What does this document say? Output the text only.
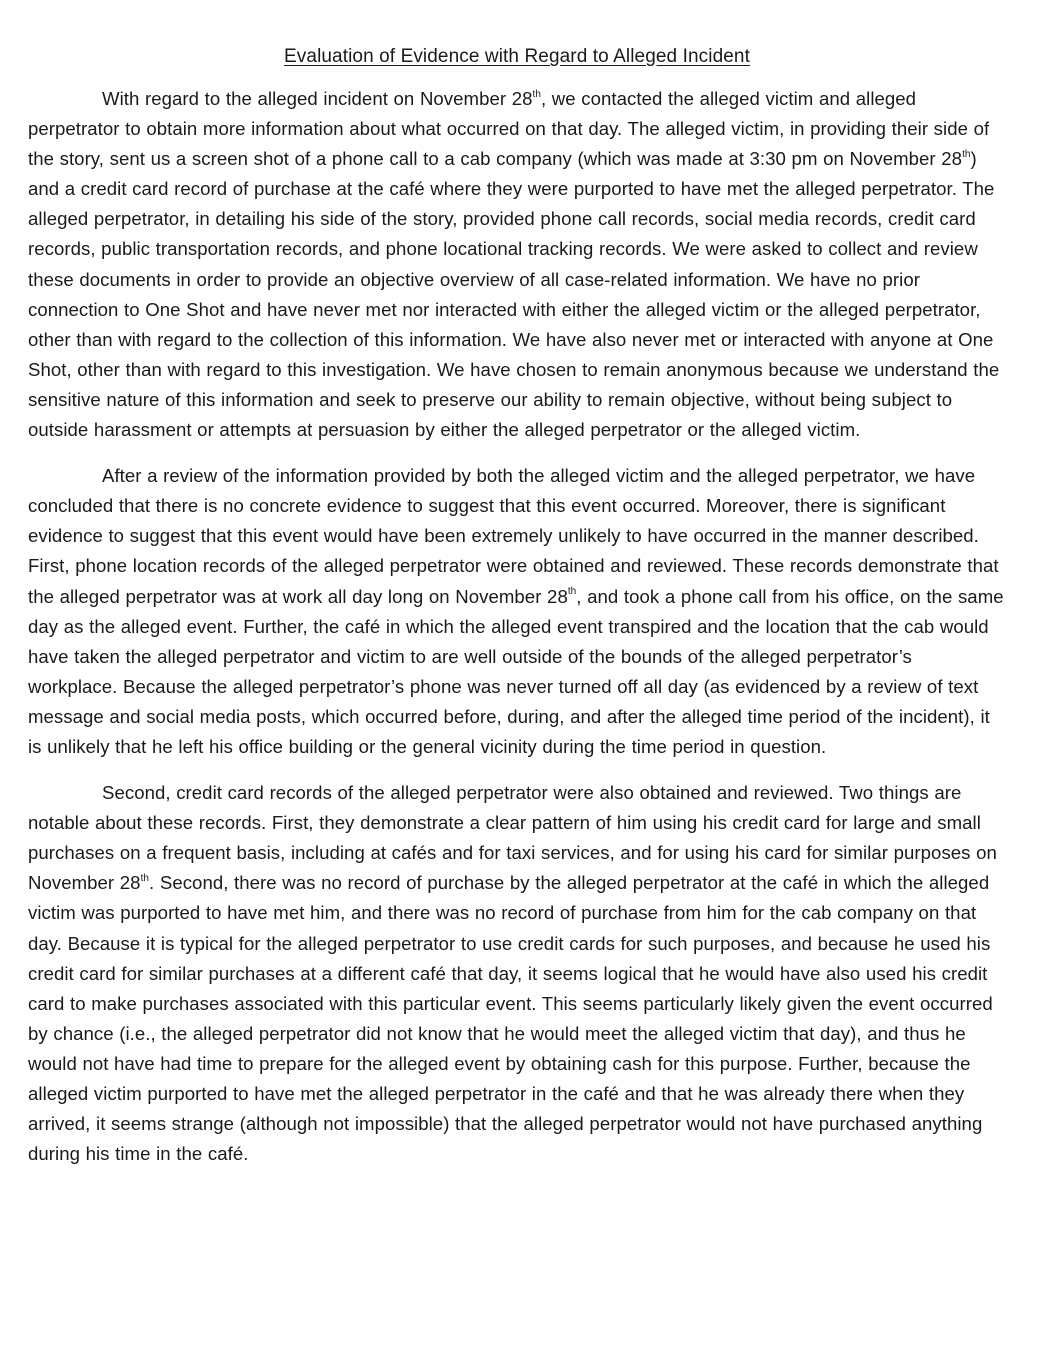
Evaluation of Evidence with Regard to Alleged Incident

With regard to the alleged incident on November 28th, we contacted the alleged victim and alleged perpetrator to obtain more information about what occurred on that day. The alleged victim, in providing their side of the story, sent us a screen shot of a phone call to a cab company (which was made at 3:30 pm on November 28th) and a credit card record of purchase at the café where they were purported to have met the alleged perpetrator. The alleged perpetrator, in detailing his side of the story, provided phone call records, social media records, credit card records, public transportation records, and phone locational tracking records. We were asked to collect and review these documents in order to provide an objective overview of all case-related information. We have no prior connection to One Shot and have never met nor interacted with either the alleged victim or the alleged perpetrator, other than with regard to the collection of this information. We have also never met or interacted with anyone at One Shot, other than with regard to this investigation. We have chosen to remain anonymous because we understand the sensitive nature of this information and seek to preserve our ability to remain objective, without being subject to outside harassment or attempts at persuasion by either the alleged perpetrator or the alleged victim.

After a review of the information provided by both the alleged victim and the alleged perpetrator, we have concluded that there is no concrete evidence to suggest that this event occurred. Moreover, there is significant evidence to suggest that this event would have been extremely unlikely to have occurred in the manner described. First, phone location records of the alleged perpetrator were obtained and reviewed. These records demonstrate that the alleged perpetrator was at work all day long on November 28th, and took a phone call from his office, on the same day as the alleged event. Further, the café in which the alleged event transpired and the location that the cab would have taken the alleged perpetrator and victim to are well outside of the bounds of the alleged perpetrator’s workplace. Because the alleged perpetrator’s phone was never turned off all day (as evidenced by a review of text message and social media posts, which occurred before, during, and after the alleged time period of the incident), it is unlikely that he left his office building or the general vicinity during the time period in question.

Second, credit card records of the alleged perpetrator were also obtained and reviewed. Two things are notable about these records. First, they demonstrate a clear pattern of him using his credit card for large and small purchases on a frequent basis, including at cafés and for taxi services, and for using his card for similar purposes on November 28th. Second, there was no record of purchase by the alleged perpetrator at the café in which the alleged victim was purported to have met him, and there was no record of purchase from him for the cab company on that day. Because it is typical for the alleged perpetrator to use credit cards for such purposes, and because he used his credit card for similar purchases at a different café that day, it seems logical that he would have also used his credit card to make purchases associated with this particular event. This seems particularly likely given the event occurred by chance (i.e., the alleged perpetrator did not know that he would meet the alleged victim that day), and thus he would not have had time to prepare for the alleged event by obtaining cash for this purpose. Further, because the alleged victim purported to have met the alleged perpetrator in the café and that he was already there when they arrived, it seems strange (although not impossible) that the alleged perpetrator would not have purchased anything during his time in the café.
